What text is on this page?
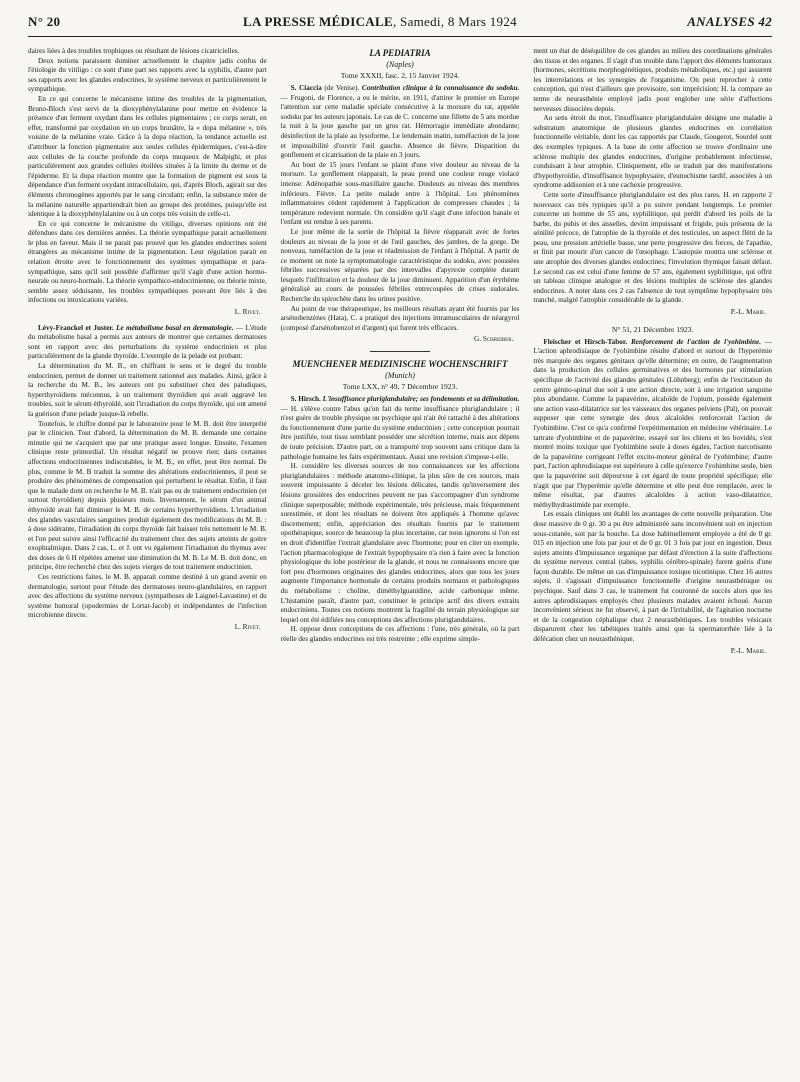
N° 20	LA PRESSE MÉDICALE, Samedi, 8 Mars 1924	ANALYSES 42

daires liées à des troubles trophiques ou résultant de lésions cicatricielles.

Deux notions paraissent dominer actuellement le chapitre jadis confus de l'étiologie du vitiligo : ce sont d'une part ses rapports avec la syphilis, d'autre part ses rapports avec les glandes endocrines, le système nerveux et particulièrement le sympathique.

En ce qui concerne le mécanisme intime des troubles de la pigmentation, Bruno-Bloch s'est servi de la dioxyphénylalanine pour mettre en évidence la présence d'un ferment oxydant dans les cellules pigmentaires ; ce corps serait, en effet, transformé par oxydation en un corps brunâtre, la « dopa mélanine », très voisine de la mélanine vraie. Grâce à la dopa réaction, la tendance actuelle est d'attribuer la fonction pigmentaire aux seules cellules épidermiques, c'est-à-dire aux cellules de la couche profonde du corps muqueux de Malpighi, et plus particulièrement aux grandes cellules étoilées situées à la limite du derme et de l'épiderme. Et la dopa réaction montre que la formation de pigment est sous la dépendance d'un ferment oxydant intracellulaire, qui, d'après Bloch, agirait sur des éléments chromogènes apportés par le sang circulant; enfin, la substance mère de la mélanine naturelle appartiendrait bien au groupe des protéines, puisqu'elle est identique à la dioxyphénylalanine ou à un corps très voisin de celle-ci.

En ce qui concerne le mécanisme du vitiligo, diverses opinions ont été défendues dans ces dernières années. La théorie sympathique parait actuellement le plus en faveur. Mais il ne parait pas prouvé que les glandes endocrines soient étrangères au mécanisme intime de la pigmentation. Leur régulation parait en relation étroite avec le fonctionnement des systèmes sympathique et para-sympathique, sans qu'il soit possible d'affirmer qu'il s'agit d'une action hormo-neurale ou neuro-hormale. La théorie sympathico-endocrinienne, ou théorie mixte, semble assez séduisante, les troubles sympathiques pouvant être liés à des infections ou intoxications variées.

L. Rivet.

Lévy-Franckel et Juster. Le métabolisme basal en dermatologie. — L'étude du métabolisme basal a permis aux auteurs de montrer que certaines dermatoses sont en rapport avec des perturbations du système endocrinien et plus particulièrement de la glande thyroïde. L'exemple de la pelade est probant.

La détermination du M. B., en chiffrant le sens et le degré du trouble endocrinien, permet de donner un traitement rationnel aux malades. Ainsi, grâce à la recherche du M. B., les auteurs ont pu substituer chez des paludiques, hyperthyroïdiens méconnus, à un traitement thyroïdien qui avait aggravé les troubles, soit le sérum éthyroïdé, soit l'irradiation du corps thyroïde, qui ont amené la guérison d'une pelade jusque-là rebelle.

Toutefois, le chiffre donné par le laboratoire pour le M. B. doit être interprété par le clinicien. Tout d'abord, la détermination du M. B. demande une certaine minutie qui ne s'acquiert que par une pratique assez longue. Ensuite, l'examen clinique reste primordial. Un résultat négatif ne prouve rien; dans certaines affections endocriniennes indiscutables, le M. B., en effet, peut être normal. De plus, comme le M. B traduit la somme des altérations endocriniennes, il peut se produire des phénomènes de compensation qui perturbent le résultat. Enfin, il faut que le malade dont on recherche le M. B. n'ait pas eu de traitement endocrinien (et surtout thyroïdien) depuis plusieurs mois. Inversement, le sérum d'un animal éthyroïdé avait fait diminuer le M. B. de certains hyperthyroïdiens. L'irradiation des glandes vasculaires sanguines produit également des modifications du M. B. : à dose sidérante, l'irradiation du corps thyroïde fait baisser très nettement le M. B. et l'on peut suivre ainsi l'efficacité du traitement chez des sujets atteints de goitre exophtalmique. Dans 2 cas, L. et J. ont vu également l'irradiation du thymus avec des doses de 6 H répétées amener une diminution du M. B. Le M. B. doit donc, en principe, être recherché chez des sujets vierges de tout traitement endocrinien.

Ces restrictions faites, le M. B. apparait comme destiné à un grand avenir en dermatologie, surtout pour l'étude des dermatoses neuro-glandulaires, en rapport avec des affections du système nerveux (sympathoses de Laignel-Lavastine) et du système humoral (opodermies de Lortat-Jacob) et indépendantes de l'infection microbienne directe.

L. Rivet.
LA PEDIATRIA
(Naples)
Tome XXXII, fasc. 2, 15 Janvier 1924.

S. Ciaccia (de Venise). Contribution clinique à la connaissance du sodoku. — Frugoni, de Florence, a eu le mérite, en 1911, d'attirer le premier en Europe l'attention sur cette maladie spéciale consécutive à la morsure du rat, appelée sodoku par les auteurs japonais. Le cas de C. concerne une fillette de 5 ans mordue la nuit à la joue gauche par un gros rat. Hémorragie immédiate abondante; désinfection de la plaie au lysoforme. Le lendemain matin, tuméfaction de la joue et impossibilité d'ouvrir l'œil gauche. Absence de fièvre. Disparition du gonflement et cicatrisation de la plaie en 3 jours.

Au bout de 15 jours l'enfant se plaint d'une vive douleur au niveau de la morsure. Le gonflement réapparait, la peau prend une couleur rouge violacé intense. Adénopathie sous-maxillaire gauche. Douleurs au niveau des membres inférieurs. Fièvre. La petite malade entre à l'hôpital. Les phénomènes inflammatoires cèdent rapidement à l'application de compresses chaudes ; la température redevient normale. On considère qu'il s'agit d'une infection banale et l'enfant est rendue à ses parents.

Le jour même de la sortie de l'hôpital la fièvre réapparait avec de fortes douleurs au niveau de la joue et de l'œil gauches, des jambes, de la gorge. De nouveau, tuméfaction de la joue et réadmission de l'enfant à l'hôpital. A partir de ce moment on note la symptomatologie caractéristique du sodoku, avec poussées fébriles successives séparées par des intervalles d'apyrexie complète durant lesquels l'infiltration et la douleur de la joue diminuent. Apparition d'un érythème généralisé au cours de poussées fébriles entrecoupées de crises sudorales. Recherche du spirochète dans les urines positive.

Au point de vue thérapeutique, les meilleurs résultats ayant été fournis par les arsénobenzènes (Hata), C. a pratiqué des injections intramusculaires de néargyrol (composé d'arsénobenzol et d'argent) qui furent très efficaces.

G. Schreiber.
MUENCHENER MEDIZINISCHE WOCHENSCHRIFT
(Munich)
Tome LXX, n° 49, 7 Décembre 1923.

S. Hirsch. L'insuffisance pluriglandulaire; ses fondements et sa délimitation. — H. s'élève contre l'abus qu'on fait du terme insuffisance pluriglandulaire ; il n'est guère de trouble physique ou psychique qui n'ait été rattaché à des altérations du fonctionnement d'une partie du système endocrinien ; cette conception pourrait être justifiée, tout tissu semblant posséder une sécrétion interne, mais aux dépens de toute précision. D'autre part, on a transporté trop souvent sans critique dans la pathologie humaine les faits expérimentaux. Aussi une revision s'impose-t-elle.

H. considère les diverses sources de nos connaissances sur les affections pluriglandulaires : méthode anatomo-clinique, la plus sûre de ces sources, mais souvent impuissante à déceler les lésions délicates, tandis qu'inversement des lésions grossières des endocrines peuvent ne pas s'accompagner d'un syndrome clinique superposable; méthode expérimentale, très précieuse, mais fréquemment surestimée, et dont les résultats ne doivent être appliqués à l'homme qu'avec discernement; enfin, appréciation des résultats fournis par le traitement opothérapique, source de beaucoup la plus incertaine, car nous ignorons si l'on est en droit d'identifier l'extrait glandulaire avec l'hormone; pour en citer un exemple, l'action pharmacologique de l'extrait hypophysaire n'a rien à faire avec la fonction physiologique du lobe postérieur de la glande, et nous ne connaissons encore que fort peu d'hormones originaires des glandes endocrines, alors que tous les jours augmente l'importance hormonale de certains produits normaux et pathologiques du métabolisme : choline, diméthylguanidine, acide carbonique même. L'histamine paraît, d'autre part, constituer le principe actif des divers extraits endocriniens. Toutes ces notions montrent la fragilité du terrain physiologique sur lequel ont été édifiées nos conceptions des affections pluriglandulaires.

H. oppose deux conceptions de ces affections : l'une, très générale, où la part réelle des glandes endocrines est très restreinte ; elle exprime simple-

ment un état de déséquilibre de ces glandes au milieu des coordinations générales des tissus et des organes. Il s'agit d'un trouble dans l'apport des éléments humoraux (hormones, sécrétions morphogénétiques, produits métaboliques, etc.) qui assurent les interrelations et les synergies de l'organisme. On peut reprocher à cette conception, qui n'est d'ailleurs que provisoire, son imprécision; H. la compare au terme de neurasthénie employé jadis pour englober une série d'affections nerveuses dissociées depuis.

Au sens étroit du mot, l'insuffisance pluriglandulaire désigne une maladie à substratum anatomique de plusieurs glandes endocrines en corrélation fonctionnelle véritable, dont les cas rapportés par Claude, Gougerot, Sourdel sont des exemples typiques. A la base de cette affection se trouve d'ordinaire une sclérose multiple des glandes endocrines, d'origine probablement infectieuse, conduisant à leur atrophie. Cliniquement, elle se traduit par des manifestations d'hypothyroïdie, d'insuffisance hypophysaire, d'eunuchisme tardif, associées à un syndrome addisonien et à une cachexie progressive.

Cette sorte d'insuffisance pluriglandulaire est des plus rares. H. en rapporte 2 nouveaux cas très typiques qu'il a pu suivre pendant longtemps. Le premier concerne un homme de 55 ans, syphilitique, qui perdit d'abord les poils de la barbe, du pubis et des aisselles, devint impuissant et frigide, puis présenta de la sénilité précoce, de l'atrophie de la thyroïde et des testicules, un aspect flétri de la peau, une pression artérielle basse, une perte progressive des forces, de l'apathie, et finit par mourir d'un cancer de l'œsophage. L'autopsie montra une sclérose et une atrophie des diverses glandes endocrines; l'involution thymique faisait défaut. Le second cas est celui d'une femme de 57 ans, également syphilitique, qui offrit un tableau clinique analogue et des lésions multiples de sclérose des glandes endocrines. A noter dans ces 2 cas l'absence de tout symptôme hypophysaire très tranché, malgré l'atrophie considérable de la glande.

P.-L. Marie.
N° 51, 21 Décembre 1923.

Fleischer et Hirsch-Tabor. Renforcement de l'action de l'yohimbine. — L'action aphrodisiaque de l'yohimbine résulte d'abord et surtout de l'hyperémie très marquée des organes génitaux qu'elle détermine; en outre, de l'augmentation dans la production des cellules germinatives et des hormones par stimulation spécifique de l'activité des glandes génitales (Löhnberg); enfin de l'excitation du centre génito-spinal due soit à une action directe, soit à une irrigation sanguine plus abondante. Comme la papavérine, alcaloïde de l'opium, possède également une action vaso-dilatatrice sur les vaisseaux des organes pelviens (Pal), on pouvait supposer que cette synergie des deux alcaloïdes renforcerait l'action de l'yohimbine. C'est ce qu'a confirmé l'expérimentation en médecine vétérinaire. Le tartrate d'yohimbine et de papavérine, essayé sur les chiens et les bovidés, s'est montré moins toxique que l'yohimbine seule à doses égales, l'action narcotisante de la papavérine corrigeant l'effet excito-moteur général de l'yohimbine; d'autre part, l'action aphrodisiaque est supérieure à celle qu'exerce l'yohimbine seule, bien que la papavérine soit dépourvue à cet égard de toute propriété spécifique; elle n'agit que par l'hyperémie qu'elle détermine et elle peut être remplacée, avec le même résultat, par d'autres alcaloïdes à action vaso-dilatatrice, méthylhydrastimide par exemple.

Les essais cliniques ont établi les avantages de cette nouvelle préparation. Une dose massive de 0 gr. 30 a pu être administrée sans inconvénient soit en injection sous-cutanée, soit par la bouche. La dose habituellement employée a été de 0 gr. 015 en injection une fois par jour et de 0 gr. 01 3 fois par jour en ingestion. Deux sujets atteints d'impuissance organique par défaut d'érection à la suite d'affections du système nerveux central (tabes, syphilis cérébro-spinale) furent guéris d'une façon durable. De même un cas d'impuissance toxique nicotinique. Chez 16 autres sujets, il s'agissait d'impuissance fonctionnelle d'origine neurasthénique ou psychique. Sauf dans 3 cas, le traitement fut couronné de succès alors que les autres aphrodisiaques employés chez plusieurs malades avaient échoué. Aucun inconvénient sérieux ne fut observé, à part de l'irritabilité, de l'agitation nocturne et de la congestion céphalique chez 2 neurasthéniques. Les troubles vésicaux disparurent chez les tabétiques traités ainsi que la spermatorrhée liée à la défécation chez un neurasthénique.

P.-L. Marie.
